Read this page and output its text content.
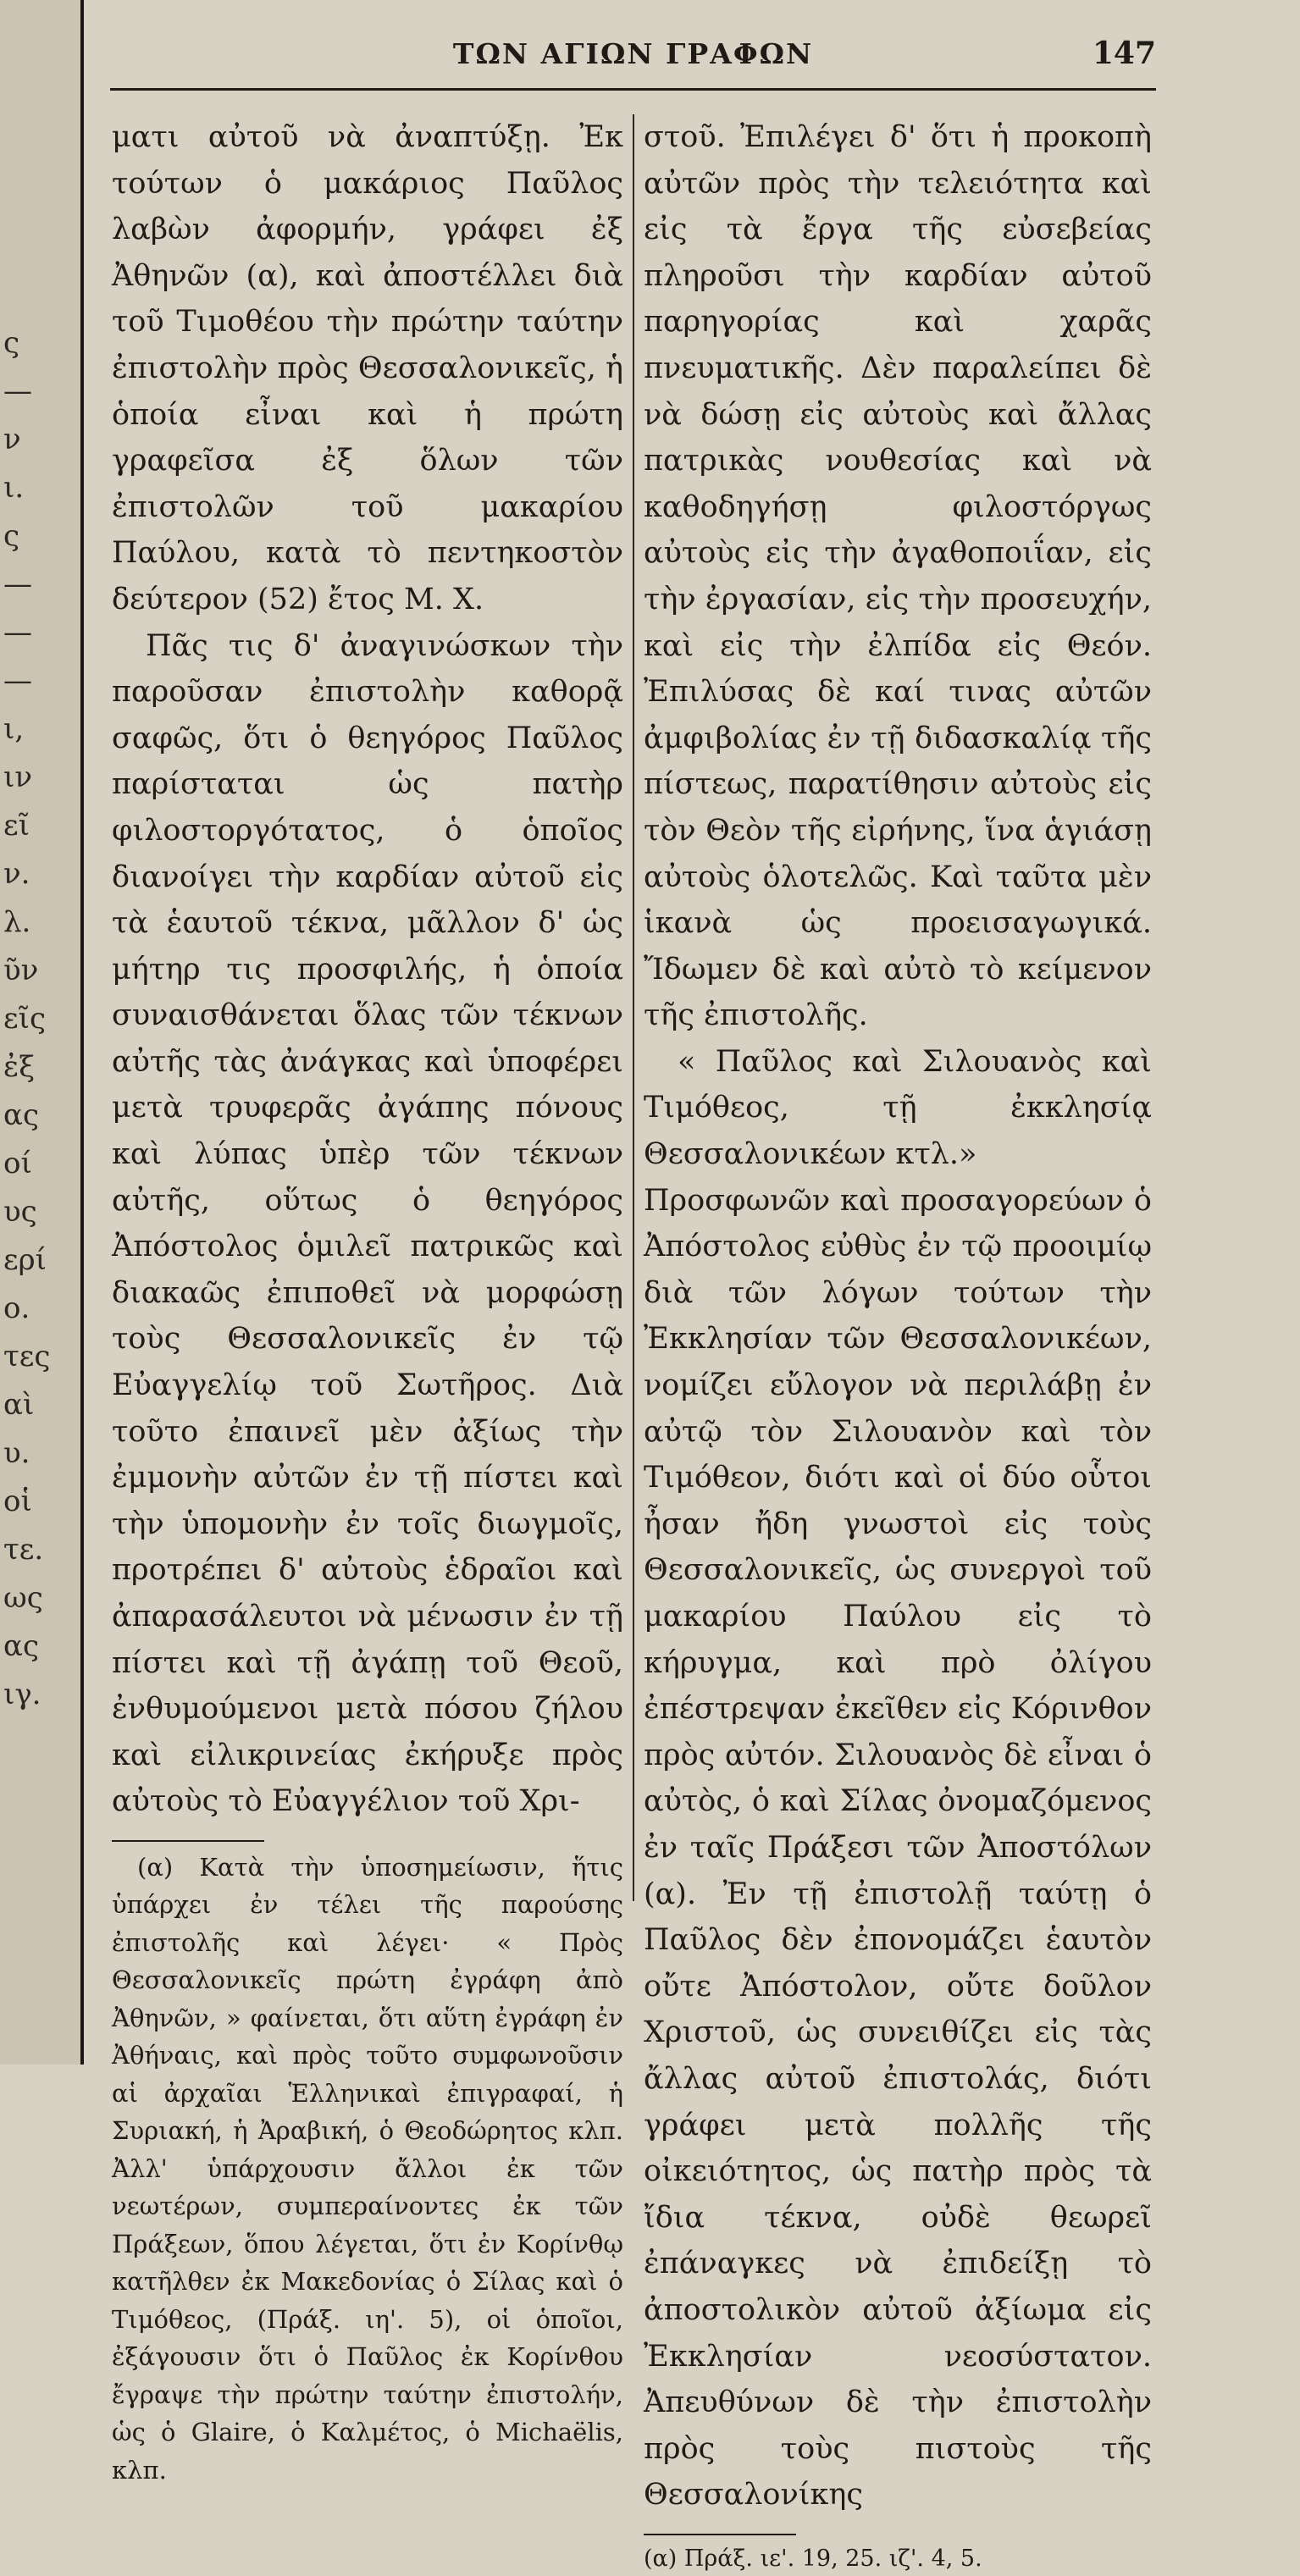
ς
—
ν
ι.
ς
—
—
—
ι,
ιν
εῖ
ν.
λ.
ῦν
εῖς
ἐξ
ας
οί
υς
ερί
ο.
τες
αὶ
υ.
οἱ
τε.
ως
ας
ιγ.
ΤΩΝ ΑΓΙΩΝ ΓΡΑΦΩΝ	147

ματι αὐτοῦ νὰ ἀναπτύξῃ. Ἐκ τούτων ὁ μακάριος Παῦλος λαβὼν ἀφορμήν, γράφει ἐξ Ἀθηνῶν (α), καὶ ἀποστέλλει διὰ τοῦ Τιμοθέου τὴν πρώτην ταύτην ἐπιστολὴν πρὸς Θεσσαλονικεῖς, ἡ ὁποία εἶναι καὶ ἡ πρώτη γραφεῖσα ἐξ ὅλων τῶν ἐπιστολῶν τοῦ μακαρίου Παύλου, κατὰ τὸ πεντηκοστὸν δεύτερον (52) ἔτος Μ. Χ.

Πᾶς τις δ' ἀναγινώσκων τὴν παροῦσαν ἐπιστολὴν καθορᾷ σαφῶς, ὅτι ὁ θεηγόρος Παῦλος παρίσταται ὡς πατὴρ φιλοστοργότατος, ὁ ὁποῖος διανοίγει τὴν καρδίαν αὐτοῦ εἰς τὰ ἑαυτοῦ τέκνα, μᾶλλον δ' ὡς μήτηρ τις προσφιλής, ἡ ὁποία συναισθάνεται ὅλας τῶν τέκνων αὐτῆς τὰς ἀνάγκας καὶ ὑποφέρει μετὰ τρυφερᾶς ἀγάπης πόνους καὶ λύπας ὑπὲρ τῶν τέκνων αὐτῆς, οὕτως ὁ θεηγόρος Ἀπόστολος ὁμιλεῖ πατρικῶς καὶ διακαῶς ἐπιποθεῖ νὰ μορφώσῃ τοὺς Θεσσαλονικεῖς ἐν τῷ Εὐαγγελίῳ τοῦ Σωτῆρος. Διὰ τοῦτο ἐπαινεῖ μὲν ἀξίως τὴν ἐμμονὴν αὐτῶν ἐν τῇ πίστει καὶ τὴν ὑπομονὴν ἐν τοῖς διωγμοῖς, προτρέπει δ' αὐτοὺς ἑδραῖοι καὶ ἀπαρασάλευτοι νὰ μένωσιν ἐν τῇ πίστει καὶ τῇ ἀγάπῃ τοῦ Θεοῦ, ἐνθυμούμενοι μετὰ πόσου ζήλου καὶ εἰλικρινείας ἐκήρυξε πρὸς αὐτοὺς τὸ Εὐαγγέλιον τοῦ Χρι-

(α) Κατὰ τὴν ὑποσημείωσιν, ἥτις ὑπάρχει ἐν τέλει τῆς παρούσης ἐπιστολῆς καὶ λέγει· « Πρὸς Θεσσαλονικεῖς πρώτη ἐγράφη ἀπὸ Ἀθηνῶν, » φαίνεται, ὅτι αὕτη ἐγράφη ἐν Ἀθήναις, καὶ πρὸς τοῦτο συμφωνοῦσιν αἱ ἀρχαῖαι Ἑλληνικαὶ ἐπιγραφαί, ἡ Συριακή, ἡ Ἀραβική, ὁ Θεοδώρητος κλπ. Ἀλλ' ὑπάρχουσιν ἄλλοι ἐκ τῶν νεωτέρων, συμπεραίνοντες ἐκ τῶν Πράξεων, ὅπου λέγεται, ὅτι ἐν Κορίνθῳ κατῆλθεν ἐκ Μακεδονίας ὁ Σίλας καὶ ὁ Τιμόθεος, (Πράξ. ιη'. 5), οἱ ὁποῖοι, ἐξάγουσιν ὅτι ὁ Παῦλος ἐκ Κορίνθου ἔγραψε τὴν πρώτην ταύτην ἐπιστολήν, ὡς ὁ Glaire, ὁ Καλμέτος, ὁ Michaëlis, κλπ.

στοῦ. Ἐπιλέγει δ' ὅτι ἡ προκοπὴ αὐτῶν πρὸς τὴν τελειότητα καὶ εἰς τὰ ἔργα τῆς εὐσεβείας πληροῦσι τὴν καρδίαν αὐτοῦ παρηγορίας καὶ χαρᾶς πνευματικῆς. Δὲν παραλείπει δὲ νὰ δώσῃ εἰς αὐτοὺς καὶ ἄλλας πατρικὰς νουθεσίας καὶ νὰ καθοδηγήσῃ φιλοστόργως αὐτοὺς εἰς τὴν ἀγαθοποιΐαν, εἰς τὴν ἐργασίαν, εἰς τὴν προσευχήν, καὶ εἰς τὴν ἐλπίδα εἰς Θεόν. Ἐπιλύσας δὲ καί τινας αὐτῶν ἀμφιβολίας ἐν τῇ διδασκαλίᾳ τῆς πίστεως, παρατίθησιν αὐτοὺς εἰς τὸν Θεὸν τῆς εἰρήνης, ἵνα ἁγιάσῃ αὐτοὺς ὁλοτελῶς. Καὶ ταῦτα μὲν ἱκανὰ ὡς προεισαγωγικά. Ἴδωμεν δὲ καὶ αὐτὸ τὸ κείμενον τῆς ἐπιστολῆς.

« Παῦλος καὶ Σιλουανὸς καὶ Τιμόθεος, τῇ ἐκκλησίᾳ Θεσσαλονικέων κτλ.»

Προσφωνῶν καὶ προσαγορεύων ὁ Ἀπόστολος εὐθὺς ἐν τῷ προοιμίῳ διὰ τῶν λόγων τούτων τὴν Ἐκκλησίαν τῶν Θεσσαλονικέων, νομίζει εὔλογον νὰ περιλάβῃ ἐν αὐτῷ τὸν Σιλουανὸν καὶ τὸν Τιμόθεον, διότι καὶ οἱ δύο οὗτοι ἦσαν ἤδη γνωστοὶ εἰς τοὺς Θεσσαλονικεῖς, ὡς συνεργοὶ τοῦ μακαρίου Παύλου εἰς τὸ κήρυγμα, καὶ πρὸ ὀλίγου ἐπέστρεψαν ἐκεῖθεν εἰς Κόρινθον πρὸς αὐτόν. Σιλουανὸς δὲ εἶναι ὁ αὐτὸς, ὁ καὶ Σίλας ὀνομαζόμενος ἐν ταῖς Πράξεσι τῶν Ἀποστόλων (α). Ἐν τῇ ἐπιστολῇ ταύτῃ ὁ Παῦλος δὲν ἐπονομάζει ἑαυτὸν οὔτε Ἀπόστολον, οὔτε δοῦλον Χριστοῦ, ὡς συνειθίζει εἰς τὰς ἄλλας αὐτοῦ ἐπιστολάς, διότι γράφει μετὰ πολλῆς τῆς οἰκειότητος, ὡς πατὴρ πρὸς τὰ ἴδια τέκνα, οὐδὲ θεωρεῖ ἐπάναγκες νὰ ἐπιδείξῃ τὸ ἀποστολικὸν αὐτοῦ ἀξίωμα εἰς Ἐκκλησίαν νεοσύστατον. Ἀπευθύνων δὲ τὴν ἐπιστολὴν πρὸς τοὺς πιστοὺς τῆς Θεσσαλονίκης

(α) Πράξ. ιε'. 19, 25. ιζ'. 4, 5.
